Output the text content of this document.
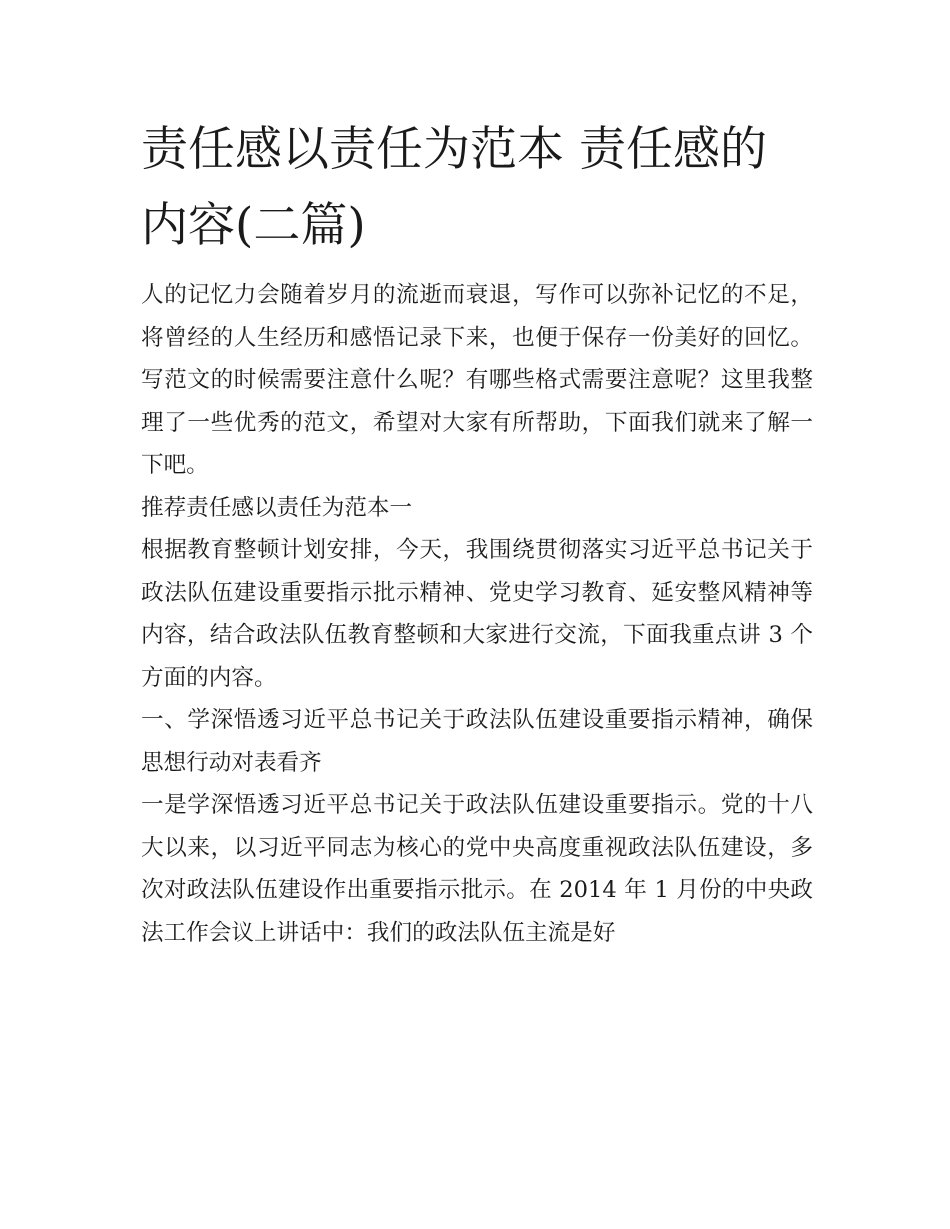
责任感以责任为范本 责任感的内容(二篇)

人的记忆力会随着岁月的流逝而衰退，写作可以弥补记忆的不足，将曾经的人生经历和感悟记录下来，也便于保存一份美好的回忆。写范文的时候需要注意什么呢？有哪些格式需要注意呢？这里我整理了一些优秀的范文，希望对大家有所帮助，下面我们就来了解一下吧。

推荐责任感以责任为范本一

根据教育整顿计划安排，今天，我围绕贯彻落实习近平总书记关于政法队伍建设重要指示批示精神、党史学习教育、延安整风精神等内容，结合政法队伍教育整顿和大家进行交流，下面我重点讲 3 个方面的内容。

一、学深悟透习近平总书记关于政法队伍建设重要指示精神，确保思想行动对表看齐

一是学深悟透习近平总书记关于政法队伍建设重要指示。党的十八大以来，以习近平同志为核心的党中央高度重视政法队伍建设，多次对政法队伍建设作出重要指示批示。在 2014 年 1 月份的中央政法工作会议上讲话中：我们的政法队伍主流是好
